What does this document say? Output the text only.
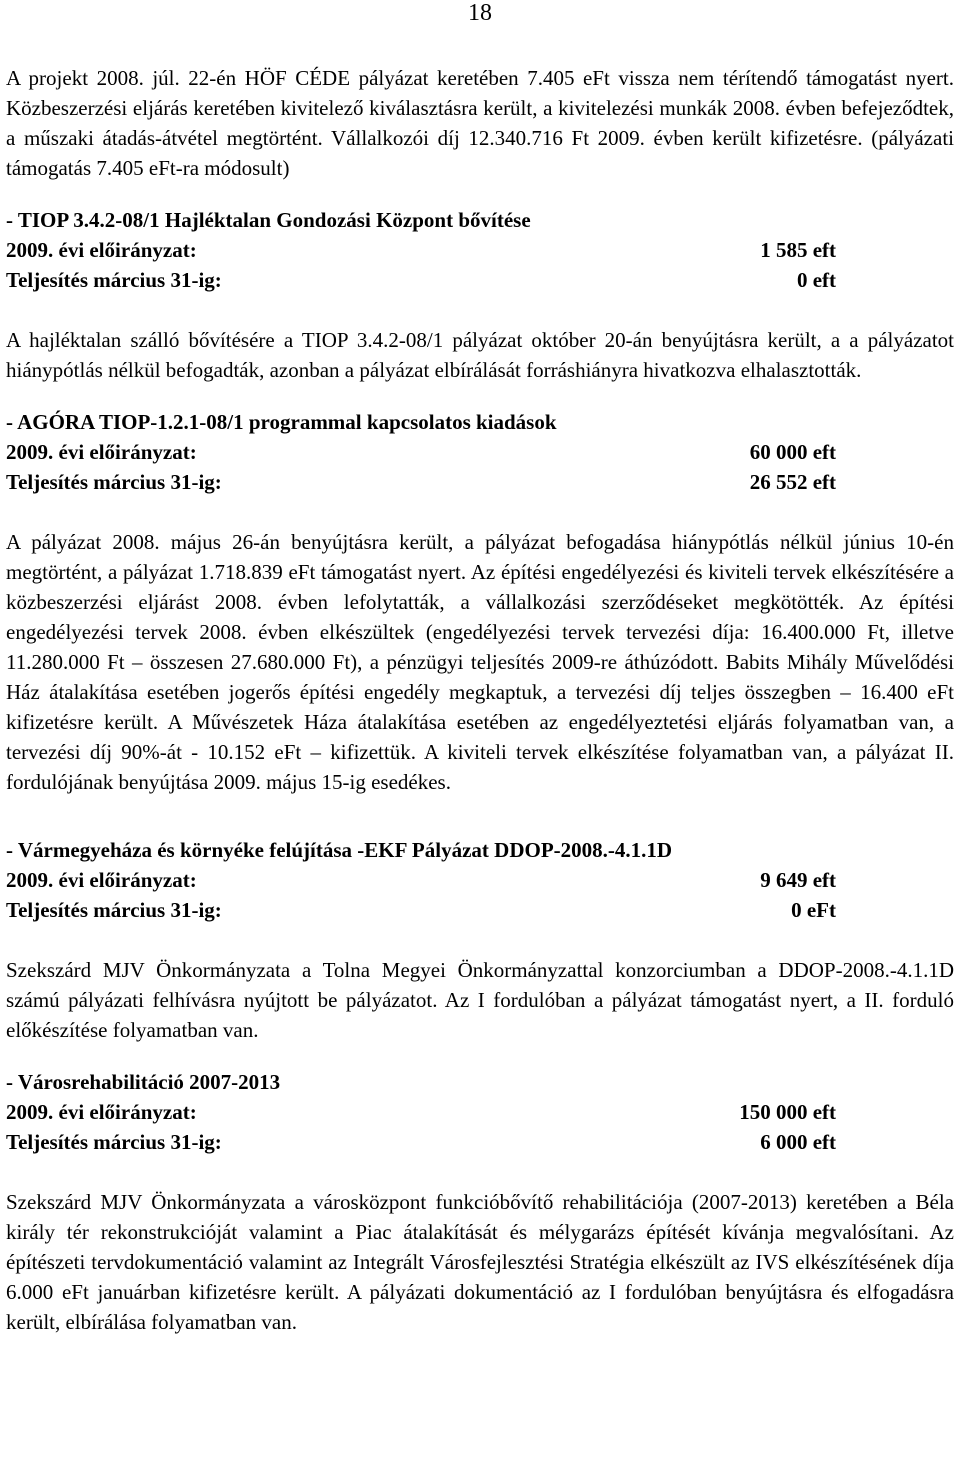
18

A projekt 2008. júl. 22-én HÖF CÉDE pályázat keretében 7.405 eFt vissza nem térítendő támogatást nyert. Közbeszerzési eljárás keretében kivitelező kiválasztásra került, a kivitelezési munkák 2008. évben befejeződtek, a műszaki átadás-átvétel megtörtént. Vállalkozói díj 12.340.716 Ft 2009. évben került kifizetésre. (pályázati támogatás 7.405 eFt-ra módosult)

- TIOP 3.4.2-08/1 Hajléktalan Gondozási Központ bővítése
2009. évi előirányzat:	1 585 eft
Teljesítés március 31-ig:	0 eft

A hajléktalan szálló bővítésére a TIOP 3.4.2-08/1 pályázat október 20-án benyújtásra került, a a pályázatot hiánypótlás nélkül befogadták, azonban a pályázat elbírálását forráshiányra hivatkozva elhalasztották.

- AGÓRA TIOP-1.2.1-08/1 programmal kapcsolatos kiadások
2009. évi előirányzat:	60 000 eft
Teljesítés március 31-ig:	26 552 eft

A pályázat 2008. május 26-án benyújtásra került, a pályázat befogadása hiánypótlás nélkül június 10-én megtörtént, a pályázat 1.718.839 eFt támogatást nyert. Az építési engedélyezési és kiviteli tervek elkészítésére a közbeszerzési eljárást 2008. évben lefolytatták, a vállalkozási szerződéseket megkötötték. Az építési engedélyezési tervek 2008. évben elkészültek (engedélyezési tervek tervezési díja: 16.400.000 Ft, illetve 11.280.000 Ft – összesen 27.680.000 Ft), a pénzügyi teljesítés 2009-re áthúzódott. Babits Mihály Művelődési Ház átalakítása esetében jogerős építési engedély megkaptuk, a tervezési díj teljes összegben – 16.400 eFt kifizetésre került. A Művészetek Háza átalakítása esetében az engedélyeztetési eljárás folyamatban van, a tervezési díj 90%-át - 10.152 eFt – kifizettük. A kiviteli tervek elkészítése folyamatban van, a pályázat II. fordulójának benyújtása 2009. május 15-ig esedékes.

- Vármegyeháza és környéke felújítása -EKF Pályázat DDOP-2008.-4.1.1D
2009. évi előirányzat:	9 649 eft
Teljesítés március 31-ig:	0 eFt

Szekszárd MJV Önkormányzata a Tolna Megyei Önkormányzattal konzorciumban a DDOP-2008.-4.1.1D számú pályázati felhívásra nyújtott be pályázatot. Az I fordulóban a pályázat támogatást nyert, a II. forduló előkészítése folyamatban van.

- Városrehabilitáció 2007-2013
2009. évi előirányzat:	150 000 eft
Teljesítés március 31-ig:	6 000 eft

Szekszárd MJV Önkormányzata a városközpont funkcióbővítő rehabilitációja (2007-2013) keretében a Béla király tér rekonstrukcióját valamint a Piac átalakítását és mélygarázs építését kívánja megvalósítani. Az építészeti tervdokumentáció valamint az Integrált Városfejlesztési Stratégia elkészült az IVS elkészítésének díja 6.000 eFt januárban kifizetésre került. A pályázati dokumentáció az I fordulóban benyújtásra és elfogadásra került, elbírálása folyamatban van.
